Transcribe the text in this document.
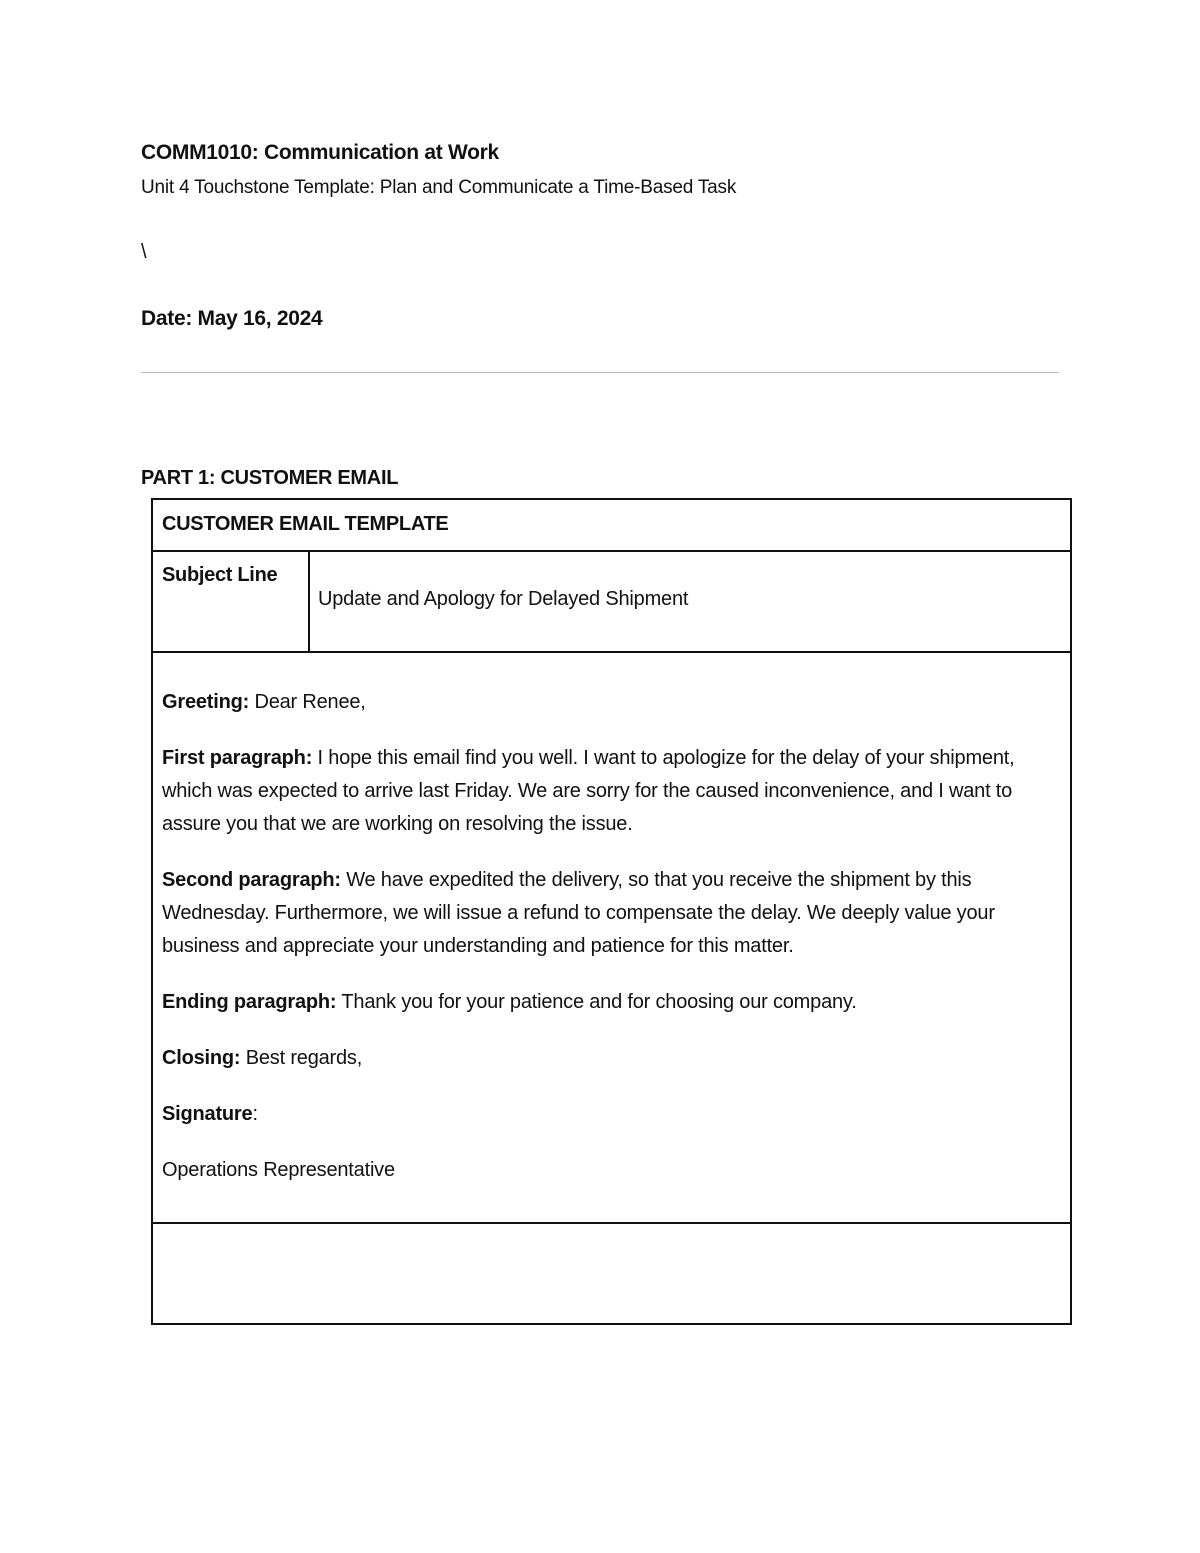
COMM1010: Communication at Work
Unit 4 Touchstone Template: Plan and Communicate a Time-Based Task
\
Date: May 16, 2024
PART 1: CUSTOMER EMAIL
CUSTOMER EMAIL TEMPLATE
Subject Line
Update and Apology for Delayed Shipment

Greeting: Dear Renee,

First paragraph: I hope this email find you well. I want to apologize for the delay of your shipment, which was expected to arrive last Friday. We are sorry for the caused inconvenience, and I want to assure you that we are working on resolving the issue.

Second paragraph: We have expedited the delivery, so that you receive the shipment by this Wednesday. Furthermore, we will issue a refund to compensate the delay. We deeply value your business and appreciate your understanding and patience for this matter.

Ending paragraph: Thank you for your patience and for choosing our company.

Closing: Best regards,

Signature:

Operations Representative
